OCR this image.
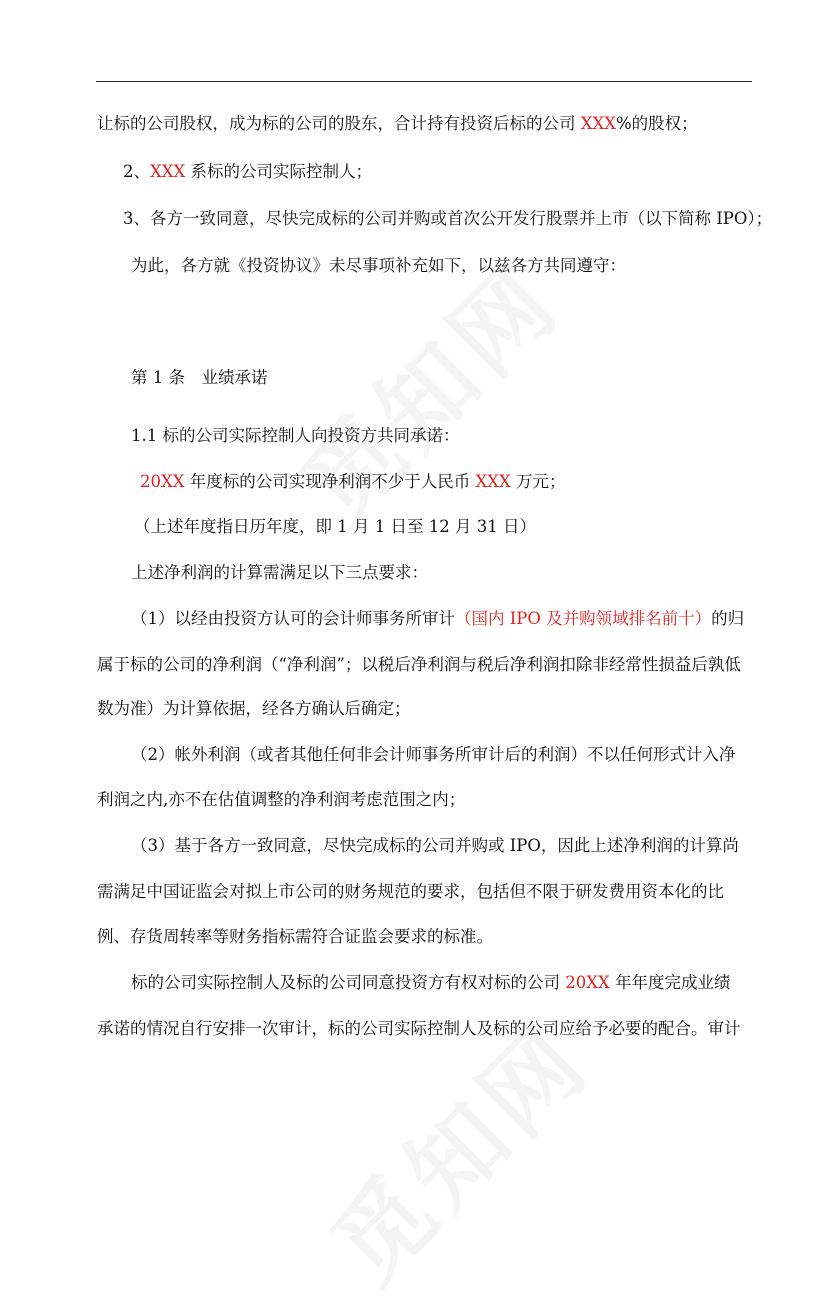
让标的公司股权，成为标的公司的股东，合计持有投资后标的公司 XXX%的股权；
2、XXX 系标的公司实际控制人；
3、各方一致同意，尽快完成标的公司并购或首次公开发行股票并上市（以下简称 IPO）；
为此，各方就《投资协议》未尽事项补充如下，以兹各方共同遵守：
第 1 条　业绩承诺
1.1 标的公司实际控制人向投资方共同承诺：
20XX 年度标的公司实现净利润不少于人民币 XXX 万元；
（上述年度指日历年度，即 1 月 1 日至 12 月 31 日）
上述净利润的计算需满足以下三点要求：
（1）以经由投资方认可的会计师事务所审计（国内 IPO 及并购领域排名前十）的归
属于标的公司的净利润（“净利润”；以税后净利润与税后净利润扣除非经常性损益后孰低
数为准）为计算依据，经各方确认后确定；
（2）帐外利润（或者其他任何非会计师事务所审计后的利润）不以任何形式计入净
利润之内,亦不在估值调整的净利润考虑范围之内；
（3）基于各方一致同意，尽快完成标的公司并购或 IPO，因此上述净利润的计算尚
需满足中国证监会对拟上市公司的财务规范的要求，包括但不限于研发费用资本化的比
例、存货周转率等财务指标需符合证监会要求的标准。
标的公司实际控制人及标的公司同意投资方有权对标的公司 20XX 年年度完成业绩
承诺的情况自行安排一次审计，标的公司实际控制人及标的公司应给予必要的配合。审计
